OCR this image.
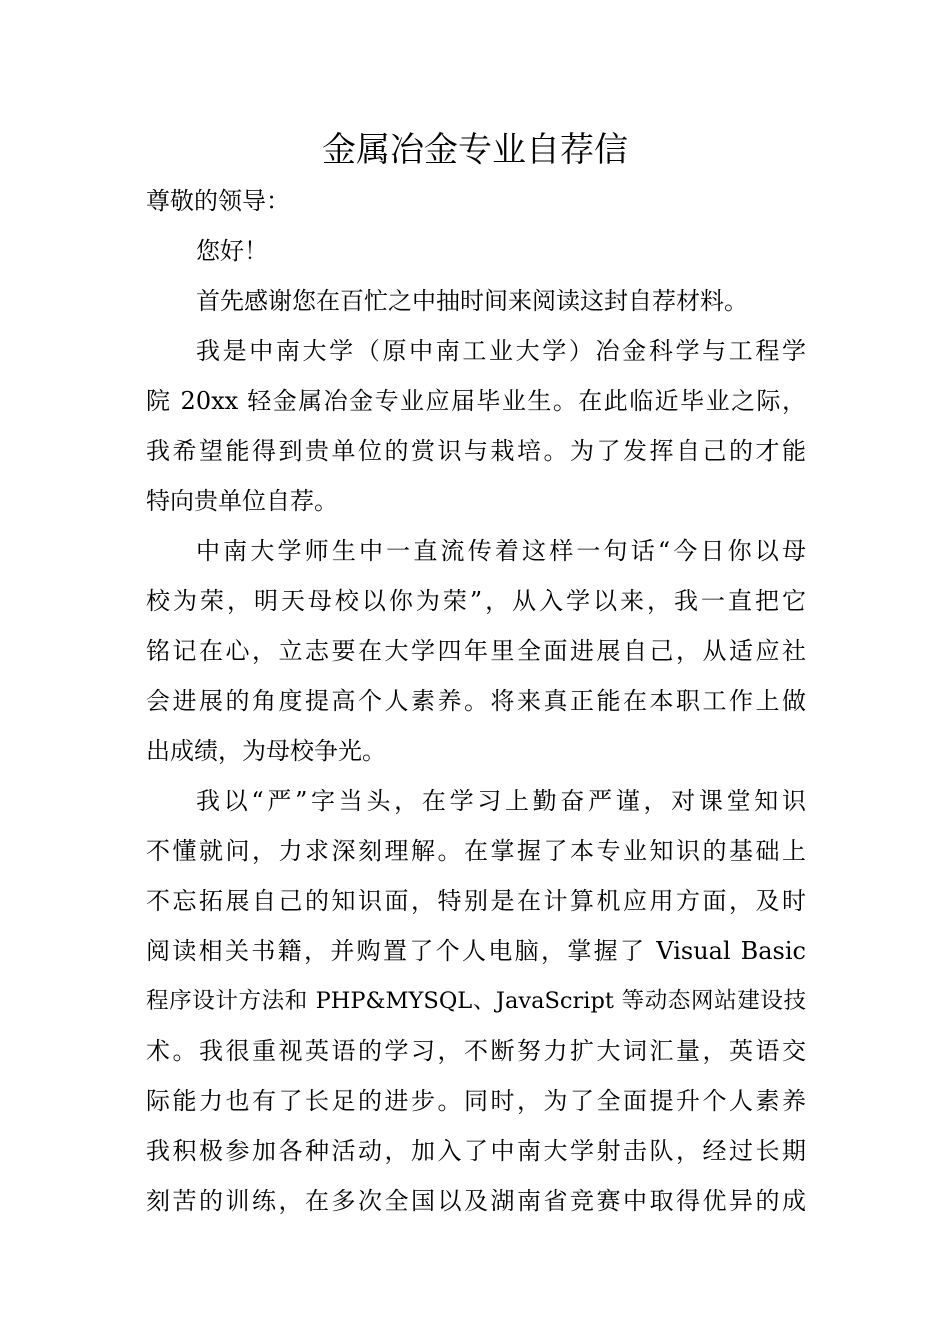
金属冶金专业自荐信

尊敬的领导：

您好！

首先感谢您在百忙之中抽时间来阅读这封自荐材料。

我是中南大学（原中南工业大学）冶金科学与工程学

院 20xx 轻金属冶金专业应届毕业生。在此临近毕业之际，

我希望能得到贵单位的赏识与栽培。为了发挥自己的才能

特向贵单位自荐。

中南大学师生中一直流传着这样一句话“今日你以母

校为荣，明天母校以你为荣”，从入学以来，我一直把它

铭记在心，立志要在大学四年里全面进展自己，从适应社

会进展的角度提高个人素养。将来真正能在本职工作上做

出成绩，为母校争光。

我以“严”字当头，在学习上勤奋严谨，对课堂知识

不懂就问，力求深刻理解。在掌握了本专业知识的基础上

不忘拓展自己的知识面，特别是在计算机应用方面，及时

阅读相关书籍，并购置了个人电脑，掌握了 Visual Basic

程序设计方法和 PHP&MYSQL、JavaScript 等动态网站建设技

术。我很重视英语的学习，不断努力扩大词汇量，英语交

际能力也有了长足的进步。同时，为了全面提升个人素养

我积极参加各种活动，加入了中南大学射击队，经过长期

刻苦的训练，在多次全国以及湖南省竞赛中取得优异的成
